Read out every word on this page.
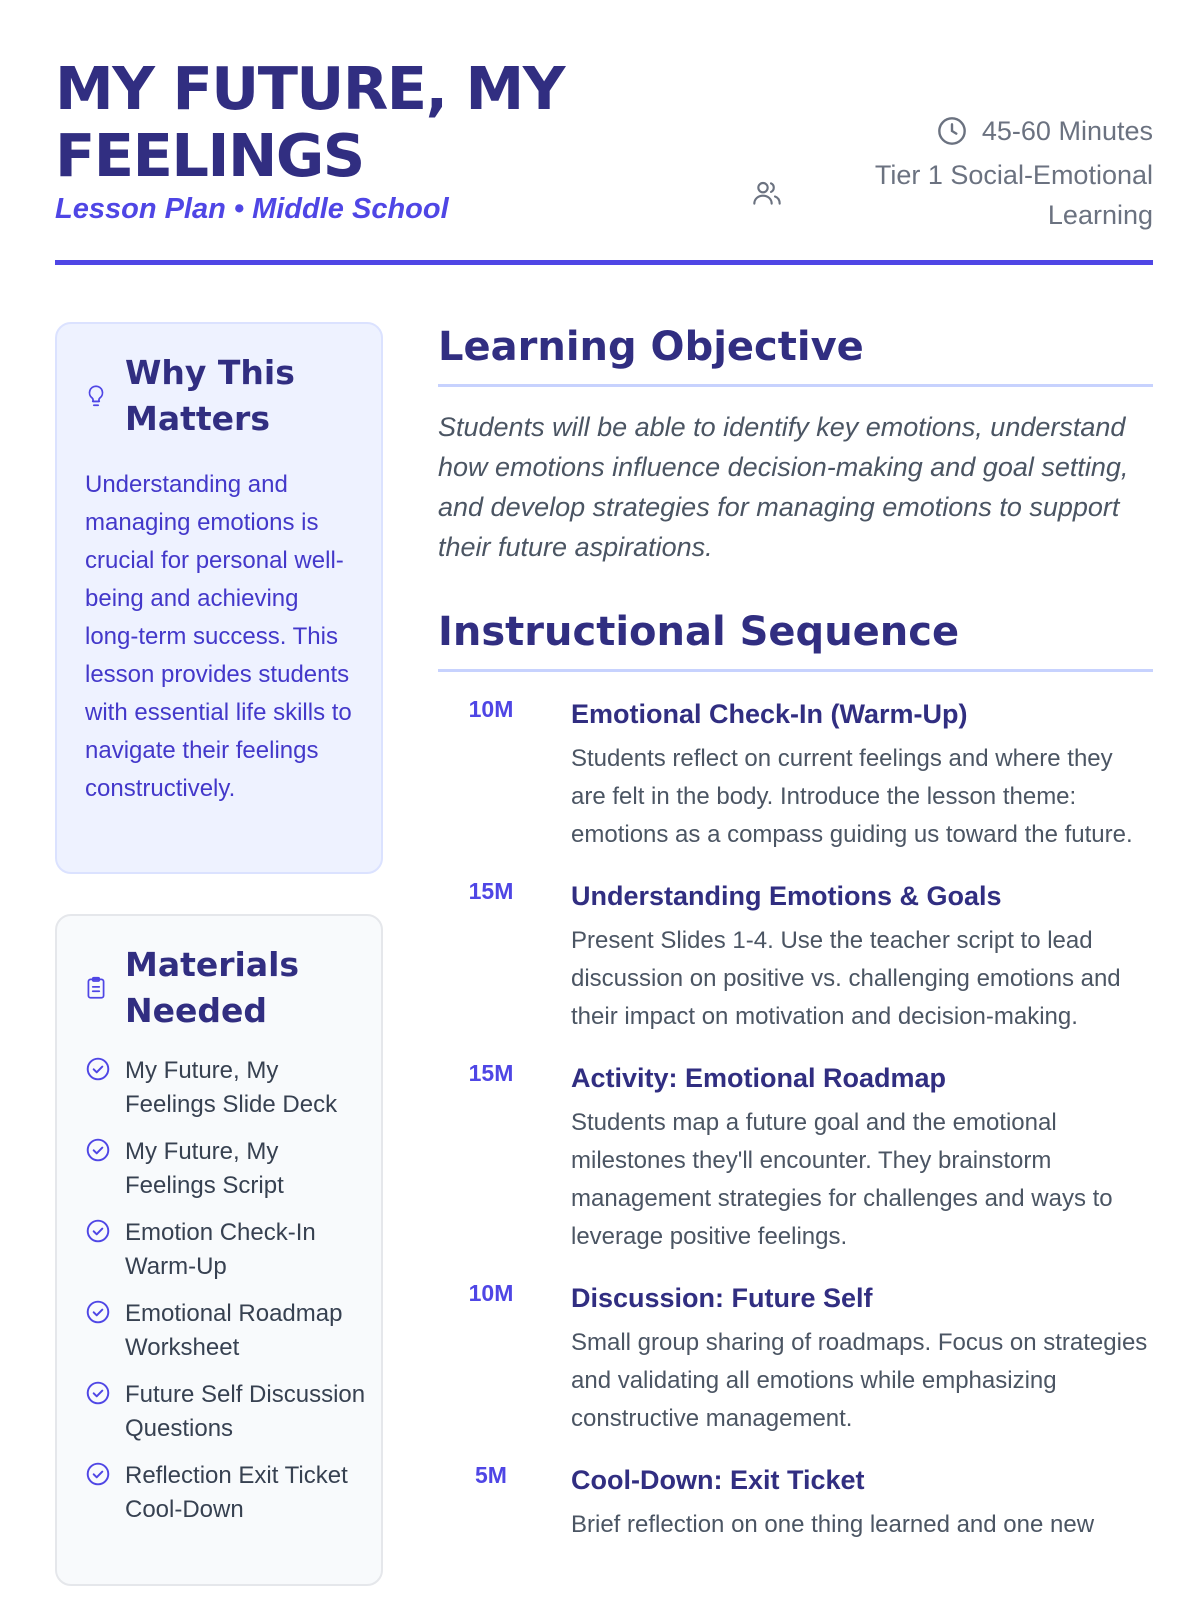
MY FUTURE, MY FEELINGS

Lesson Plan • Middle School

45-60 Minutes
Tier 1 Social-Emotional Learning
Why This Matters

Understanding and managing emotions is crucial for personal well-being and achieving long-term success. This lesson provides students with essential life skills to navigate their feelings constructively.

Materials Needed
My Future, My Feelings Slide Deck
My Future, My Feelings Script
Emotion Check-In Warm-Up
Emotional Roadmap Worksheet
Future Self Discussion Questions
Reflection Exit Ticket Cool-Down
Learning Objective

Students will be able to identify key emotions, understand how emotions influence decision-making and goal setting, and develop strategies for managing emotions to support their future aspirations.

Instructional Sequence
10M	Emotional Check-In (Warm-Up)

Students reflect on current feelings and where they are felt in the body. Introduce the lesson theme: emotions as a compass guiding us toward the future.

15M	Understanding Emotions & Goals

Present Slides 1-4. Use the teacher script to lead discussion on positive vs. challenging emotions and their impact on motivation and decision-making.

15M	Activity: Emotional Roadmap

Students map a future goal and the emotional milestones they'll encounter. They brainstorm management strategies for challenges and ways to leverage positive feelings.

10M	Discussion: Future Self

Small group sharing of roadmaps. Focus on strategies and validating all emotions while emphasizing constructive management.

5M	Cool-Down: Exit Ticket

Brief reflection on one thing learned and one new
